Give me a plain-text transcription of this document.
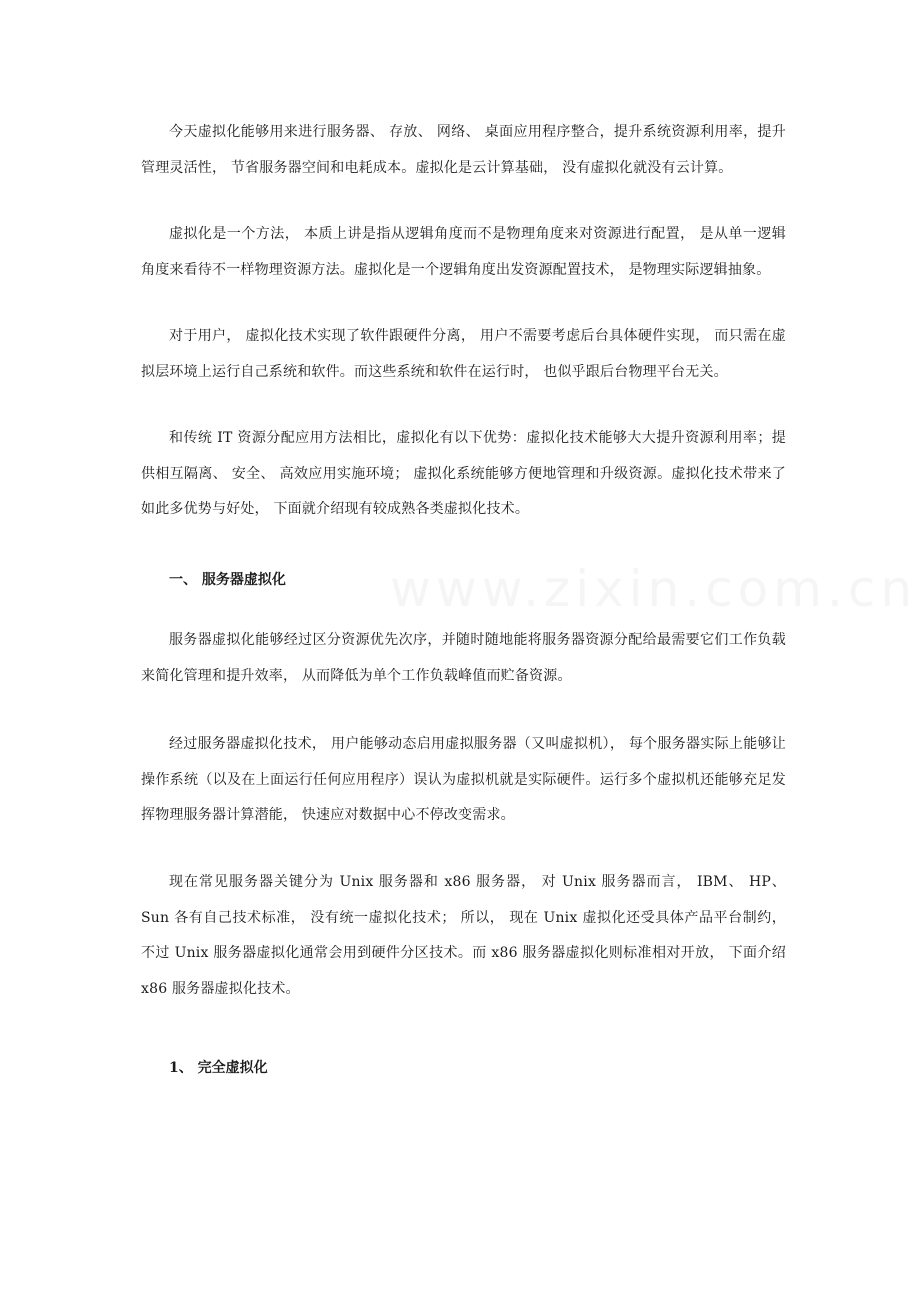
www.zixin.com.cn

今天虚拟化能够用来进行服务器、 存放、 网络、 桌面应用程序整合，提升系统资源利用率，提升管理灵活性， 节省服务器空间和电耗成本。虚拟化是云计算基础， 没有虚拟化就没有云计算。

虚拟化是一个方法， 本质上讲是指从逻辑角度而不是物理角度来对资源进行配置， 是从单一逻辑角度来看待不一样物理资源方法。虚拟化是一个逻辑角度出发资源配置技术， 是物理实际逻辑抽象。

对于用户， 虚拟化技术实现了软件跟硬件分离， 用户不需要考虑后台具体硬件实现， 而只需在虚拟层环境上运行自己系统和软件。而这些系统和软件在运行时， 也似乎跟后台物理平台无关。

和传统 IT 资源分配应用方法相比，虚拟化有以下优势：虚拟化技术能够大大提升资源利用率；提供相互隔离、 安全、 高效应用实施环境； 虚拟化系统能够方便地管理和升级资源。虚拟化技术带来了如此多优势与好处， 下面就介绍现有较成熟各类虚拟化技术。

一、 服务器虚拟化

服务器虚拟化能够经过区分资源优先次序，并随时随地能将服务器资源分配给最需要它们工作负载来简化管理和提升效率， 从而降低为单个工作负载峰值而贮备资源。

经过服务器虚拟化技术， 用户能够动态启用虚拟服务器（又叫虚拟机）， 每个服务器实际上能够让操作系统（以及在上面运行任何应用程序）误认为虚拟机就是实际硬件。运行多个虚拟机还能够充足发挥物理服务器计算潜能， 快速应对数据中心不停改变需求。

现在常见服务器关键分为 Unix 服务器和 x86 服务器， 对 Unix 服务器而言， IBM、 HP、 Sun 各有自己技术标准， 没有统一虚拟化技术； 所以， 现在 Unix 虚拟化还受具体产品平台制约， 不过 Unix 服务器虚拟化通常会用到硬件分区技术。而 x86 服务器虚拟化则标准相对开放， 下面介绍 x86 服务器虚拟化技术。

1、 完全虚拟化
